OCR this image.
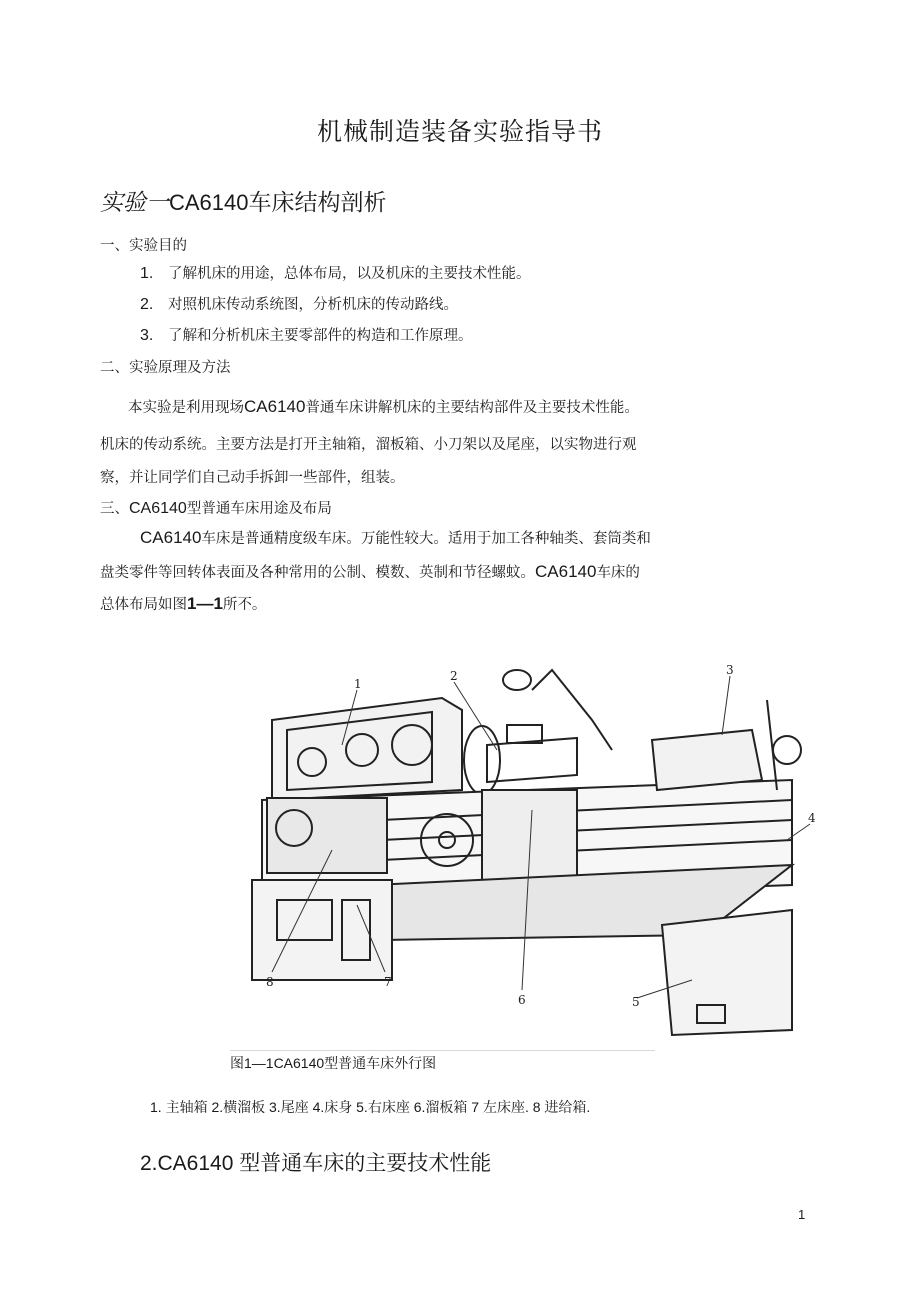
机械制造装备实验指导书
实验一CA6140车床结构剖析
一、实验目的
1. 了解机床的用途，总体布局，以及机床的主要技术性能。
2. 对照机床传动系统图，分析机床的传动路线。
3. 了解和分析机床主要零部件的构造和工作原理。
二、实验原理及方法
本实验是利用现场CA6140普通车床讲解机床的主要结构部件及主要技术性能。
机床的传动系统。主要方法是打开主轴箱，溜板箱、小刀架以及尾座，以实物进行观
察，并让同学们自己动手拆卸一些部件，组装。
三、CA6140型普通车床用途及布局
CA6140车床是普通精度级车床。万能性较大。适用于加工各种轴类、套筒类和
盘类零件等回转体表面及各种常用的公制、模数、英制和节径螺蚊。CA6140车床的
总体布局如图1—1所不。
1
2	3
4
5
6
7
8
图1—1CA6140型普通车床外行图
1. 主轴箱 2.横溜板 3.尾座 4.床身 5.右床座 6.溜板箱 7 左床座. 8 进给箱.
2.CA6140 型普通车床的主要技术性能
1
